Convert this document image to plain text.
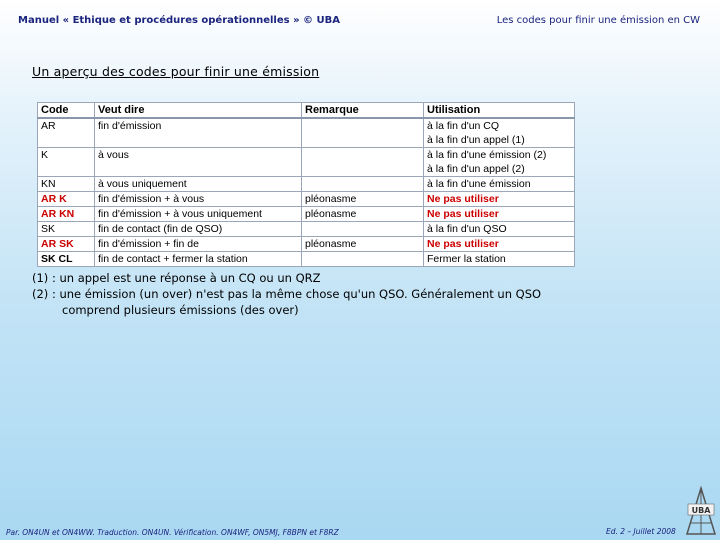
Manuel « Ethique et procédures opérationnelles » © UBA	Les codes pour finir une émission en CW
Un aperçu des codes pour finir une émission
Code	Veut dire	Remarque	Utilisation
AR	fin d'émission		à la fin d'un CQ
à la fin d'un appel (1)

K	à vous		à la fin d'une émission (2)
à la fin d'un appel (2)

KN	à vous uniquement		à la fin d'une émission

AR K	fin d'émission + à vous	pléonasme	Ne pas utiliser

AR KN	fin d'émission + à vous uniquement	pléonasme	Ne pas utiliser

SK	fin de contact (fin de QSO)		à la fin d'un QSO

AR SK	fin d'émission + fin de	pléonasme	Ne pas utiliser

SK CL	fin de contact + fermer la station		Fermer la station
(1) : un appel est une réponse à un CQ ou un QRZ
(2) : une émission (un over) n'est pas la même chose qu'un QSO. Généralement un QSO
comprend plusieurs émissions (des over)
Par. ON4UN et ON4WW. Traduction. ON4UN. Vérification. ON4WF, ON5MJ, F8BPN et F8RZ	Ed. 2 – Juillet 2008
UBA
